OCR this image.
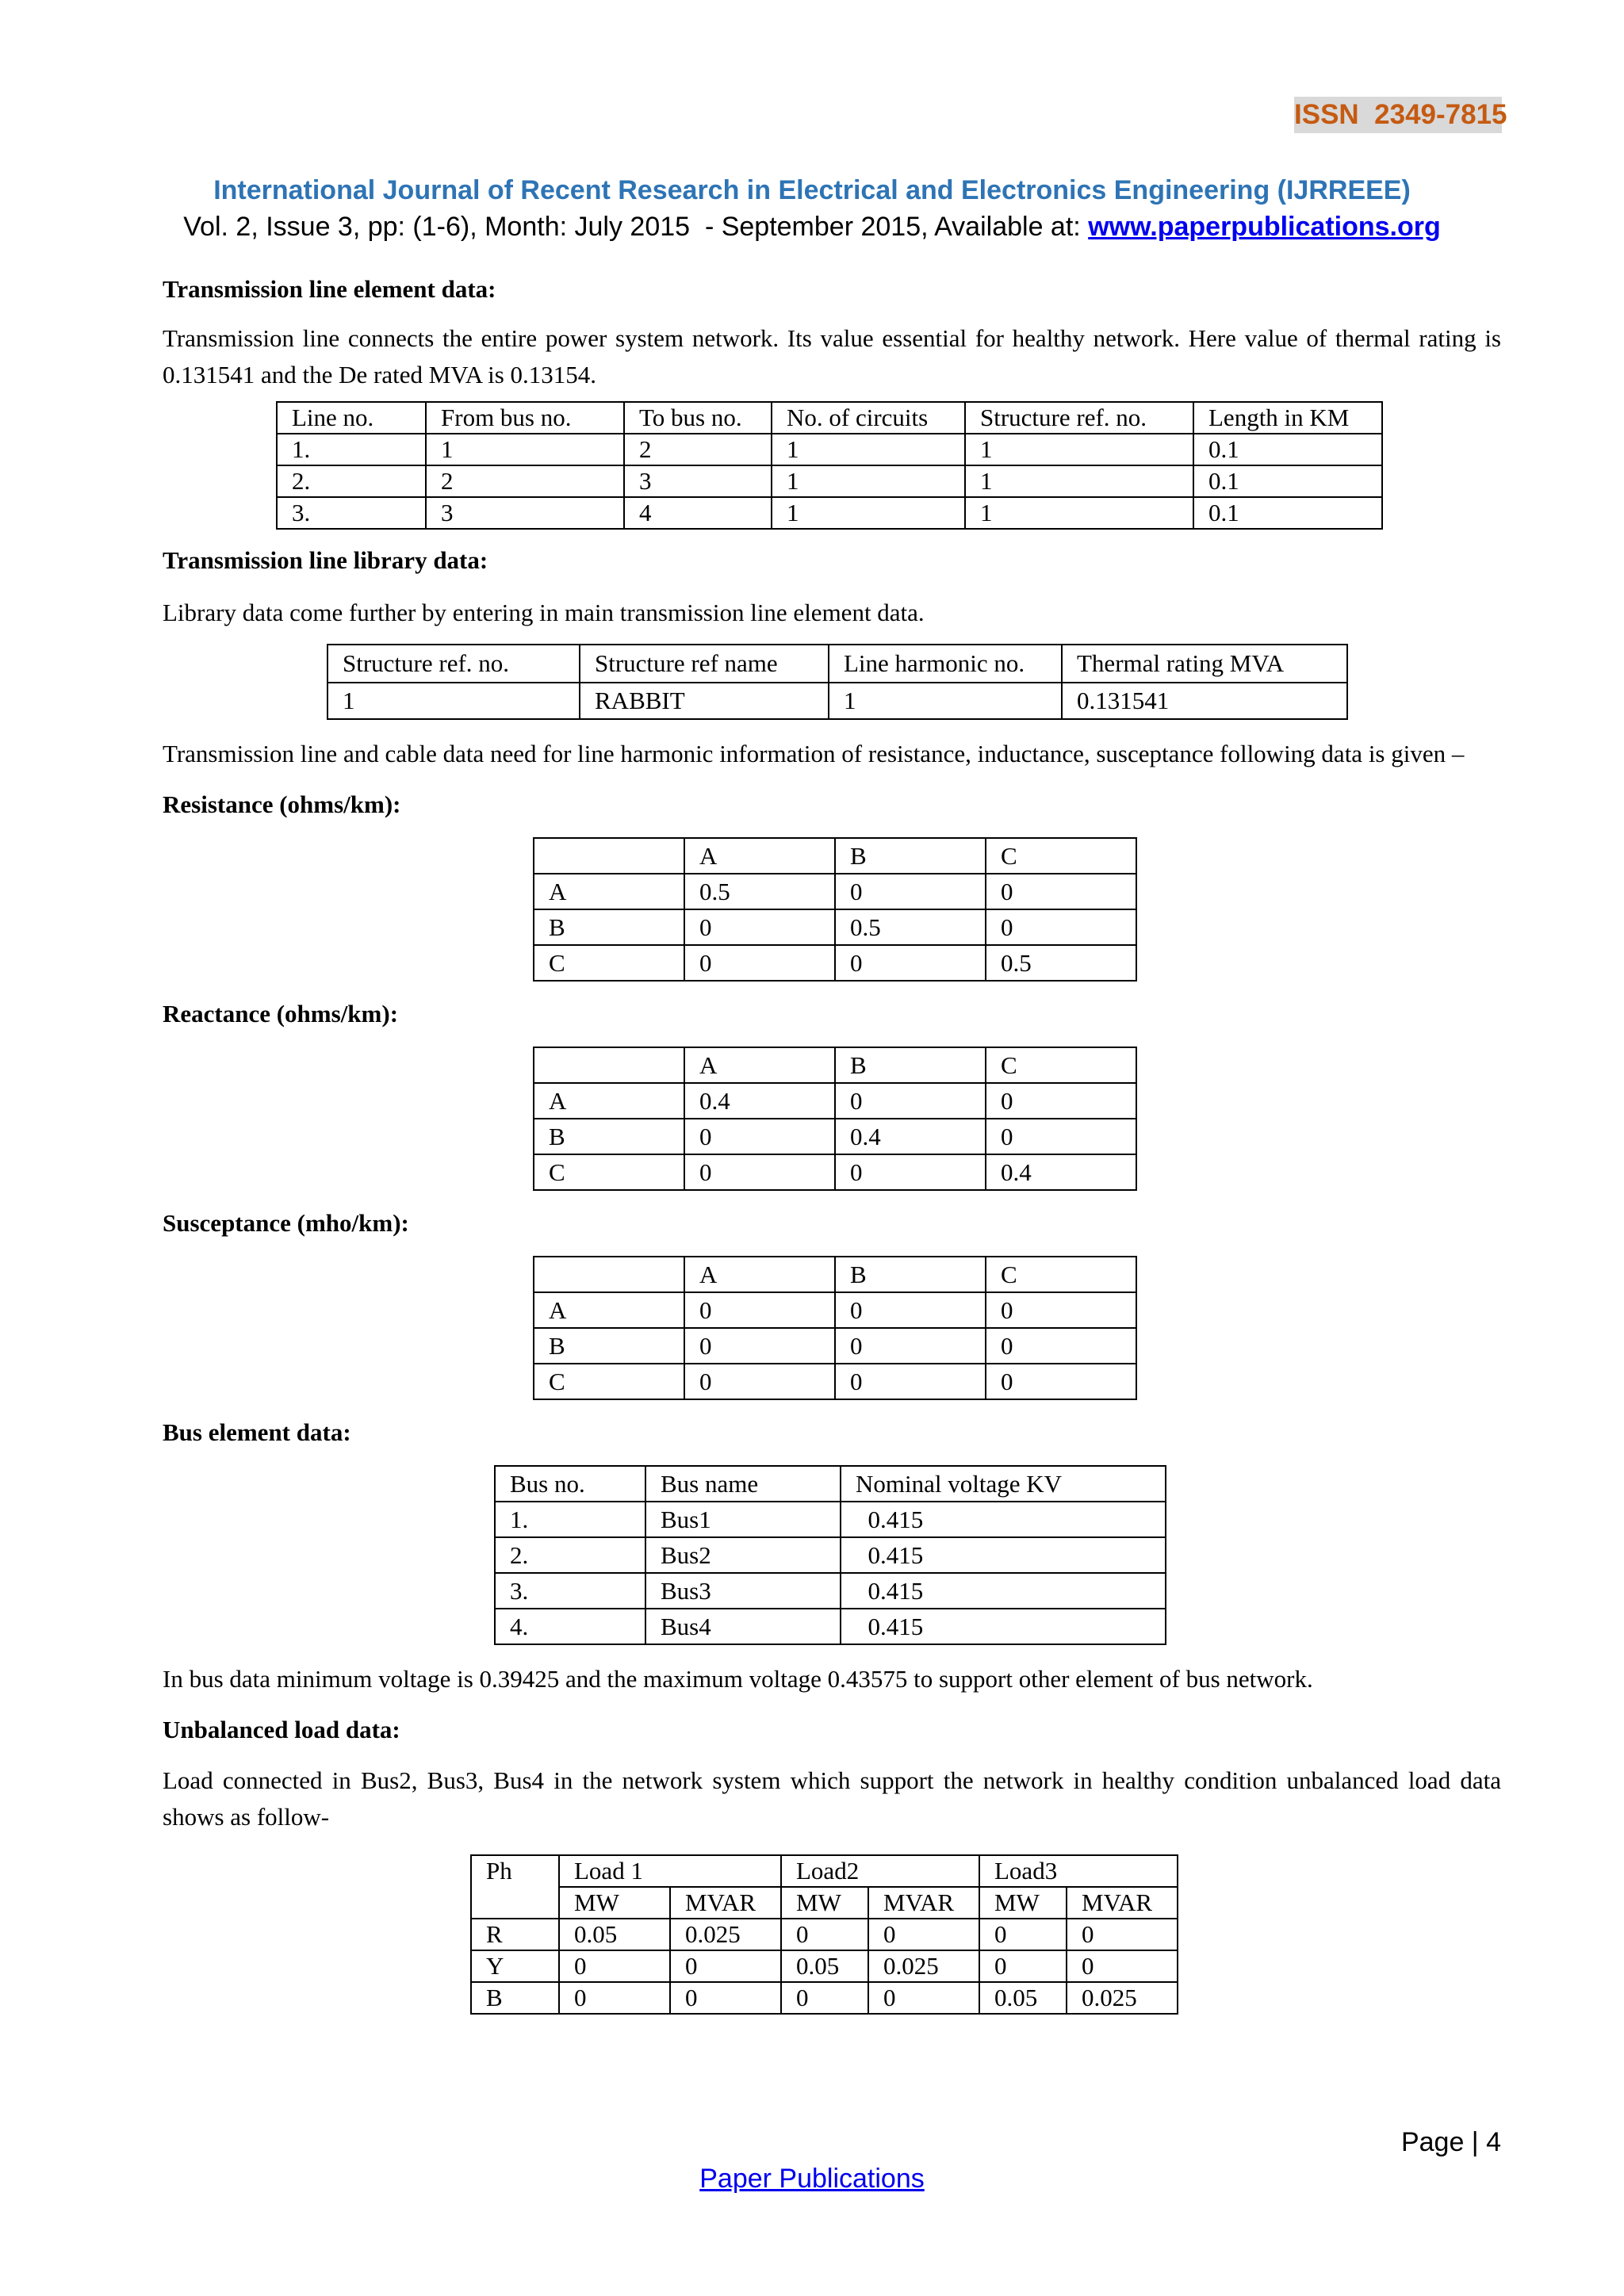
ISSN  2349-7815
International Journal of Recent Research in Electrical and Electronics Engineering (IJRREEE)
Vol. 2, Issue 3, pp: (1-6), Month: July 2015  - September 2015, Available at: www.paperpublications.org
Transmission line element data:

Transmission line connects the entire power system network. Its value essential for healthy network. Here value of thermal rating is 0.131541 and the De rated MVA is 0.13154.

Line no.	From bus no.	To bus no.	No. of circuits	Structure ref. no.	Length in KM
1.	1	2	1	1	0.1
2.	2	3	1	1	0.1
3.	3	4	1	1	0.1
Transmission line library data:

Library data come further by entering in main transmission line element data.

Structure ref. no.	Structure ref name	Line harmonic no.	Thermal rating MVA
1	RABBIT	1	0.131541

Transmission line and cable data need for line harmonic information of resistance, inductance, susceptance following data is given –

Resistance (ohms/km):
	A	B	C
A	0.5	0	0
B	0	0.5	0
C	0	0	0.5
Reactance (ohms/km):
	A	B	C
A	0.4	0	0
B	0	0.4	0
C	0	0	0.4
Susceptance (mho/km):
	A	B	C
A	0	0	0
B	0	0	0
C	0	0	0
Bus element data:
Bus no.	Bus name	Nominal voltage KV
1.	Bus1	0.415
2.	Bus2	0.415
3.	Bus3	0.415
4.	Bus4	0.415

In bus data minimum voltage is 0.39425 and the maximum voltage 0.43575 to support other element of bus network.

Unbalanced load data:

Load connected in Bus2, Bus3, Bus4 in the network system which support the network in healthy condition unbalanced load data shows as follow-

Ph	Load 1		Load2		Load3	
	MW	MVAR	MW	MVAR	MW	MVAR
R	0.05	0.025	0	0	0	0
Y	0	0	0.05	0.025	0	0
B	0	0	0	0	0.05	0.025
Page | 4
Paper Publications
